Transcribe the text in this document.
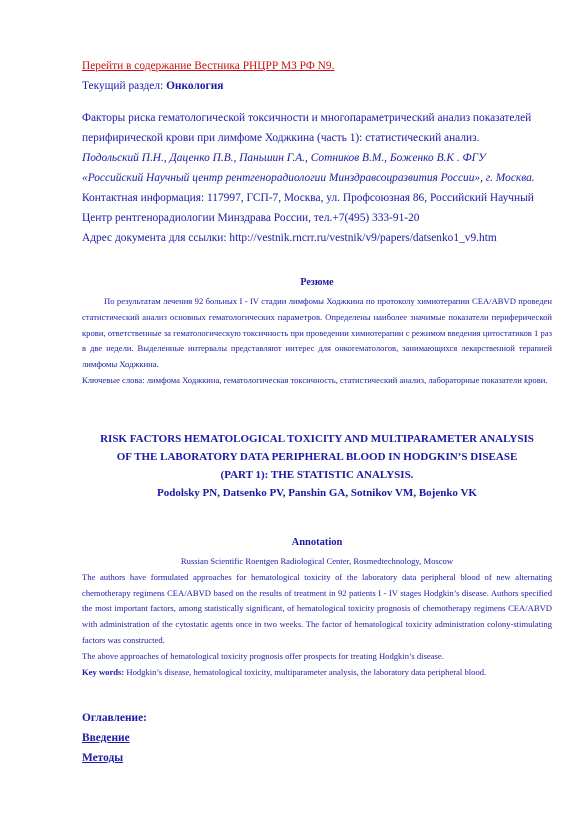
Перейти в содержание Вестника РНЦРР МЗ РФ N9.
Текущий раздел: Онкология
Факторы риска гематологической токсичности и многопараметрический анализ показателей
перифирической крови при лимфоме Ходжкина (часть 1): статистический анализ.
Подольский П.Н., Даценко П.В., Паньшин Г.А., Сотников В.М., Боженко В.К . ФГУ
«Российский Научный центр рентгенорадиологии Минздравсоцразвития России», г. Москва.
Контактная информация: 117997, ГСП-7, Москва, ул. Профсоюзная 86, Российский Научный
Центр рентгенорадиологии Минздрава России, тел.+7(495) 333-91-20
Адрес документа для ссылки: http://vestnik.rncrr.ru/vestnik/v9/papers/datsenko1_v9.htm
Резюме

По результатам лечения 92 больных I - IV стадии лимфомы Ходжкина по протоколу химиотерапии CEA/ABVD проведен статистический анализ основных гематологических параметров. Определены наиболее значимые показатели периферической крови, ответственные за гематологическую токсичность при проведении химиотерапии с режимом введения цитостатиков 1 раз в две недели. Выделенные интервалы представляют интерес для онкогематологов, занимающихся лекарственной терапией лимфомы Ходжкина.

Ключевые слова: лимфома Ходжкина, гематологическая токсичность, статистический анализ, лабораторные показатели крови.

RISK FACTORS HEMATOLOGICAL TOXICITY AND MULTIPARAMETER ANALYSIS
OF THE LABORATORY DATA PERIPHERAL BLOOD IN HODGKIN’S DISEASE
(PART 1): THE STATISTIC ANALYSIS.
Podolsky PN, Datsenko PV, Panshin GA, Sotnikov VM, Bojenko VK
Annotation
Russian Scientific Roentgen Radiological Center, Rosmedtechnology, Moscow

The authors have formulated approaches for hematological toxicity of the laboratory data peripheral blood of new alternating chemotherapy regimens CEA/ABVD based on the results of treatment in 92 patients I - IV stages Hodgkin’s disease. Authors specified the most important factors, among statistically significant, of hematological toxicity prognosis of chemotherapy regimens CEA/ABVD with administration of the cytostatic agents once in two weeks. The factor of hematological toxicity administration colony-stimulating factors was constructed.

The above approaches of hematological toxicity prognosis offer prospects for treating Hodgkin’s disease.

Key words: Hodgkin’s disease, hematological toxicity, multiparameter analysis, the laboratory data peripheral blood.

Оглавление:
Введение
Методы
